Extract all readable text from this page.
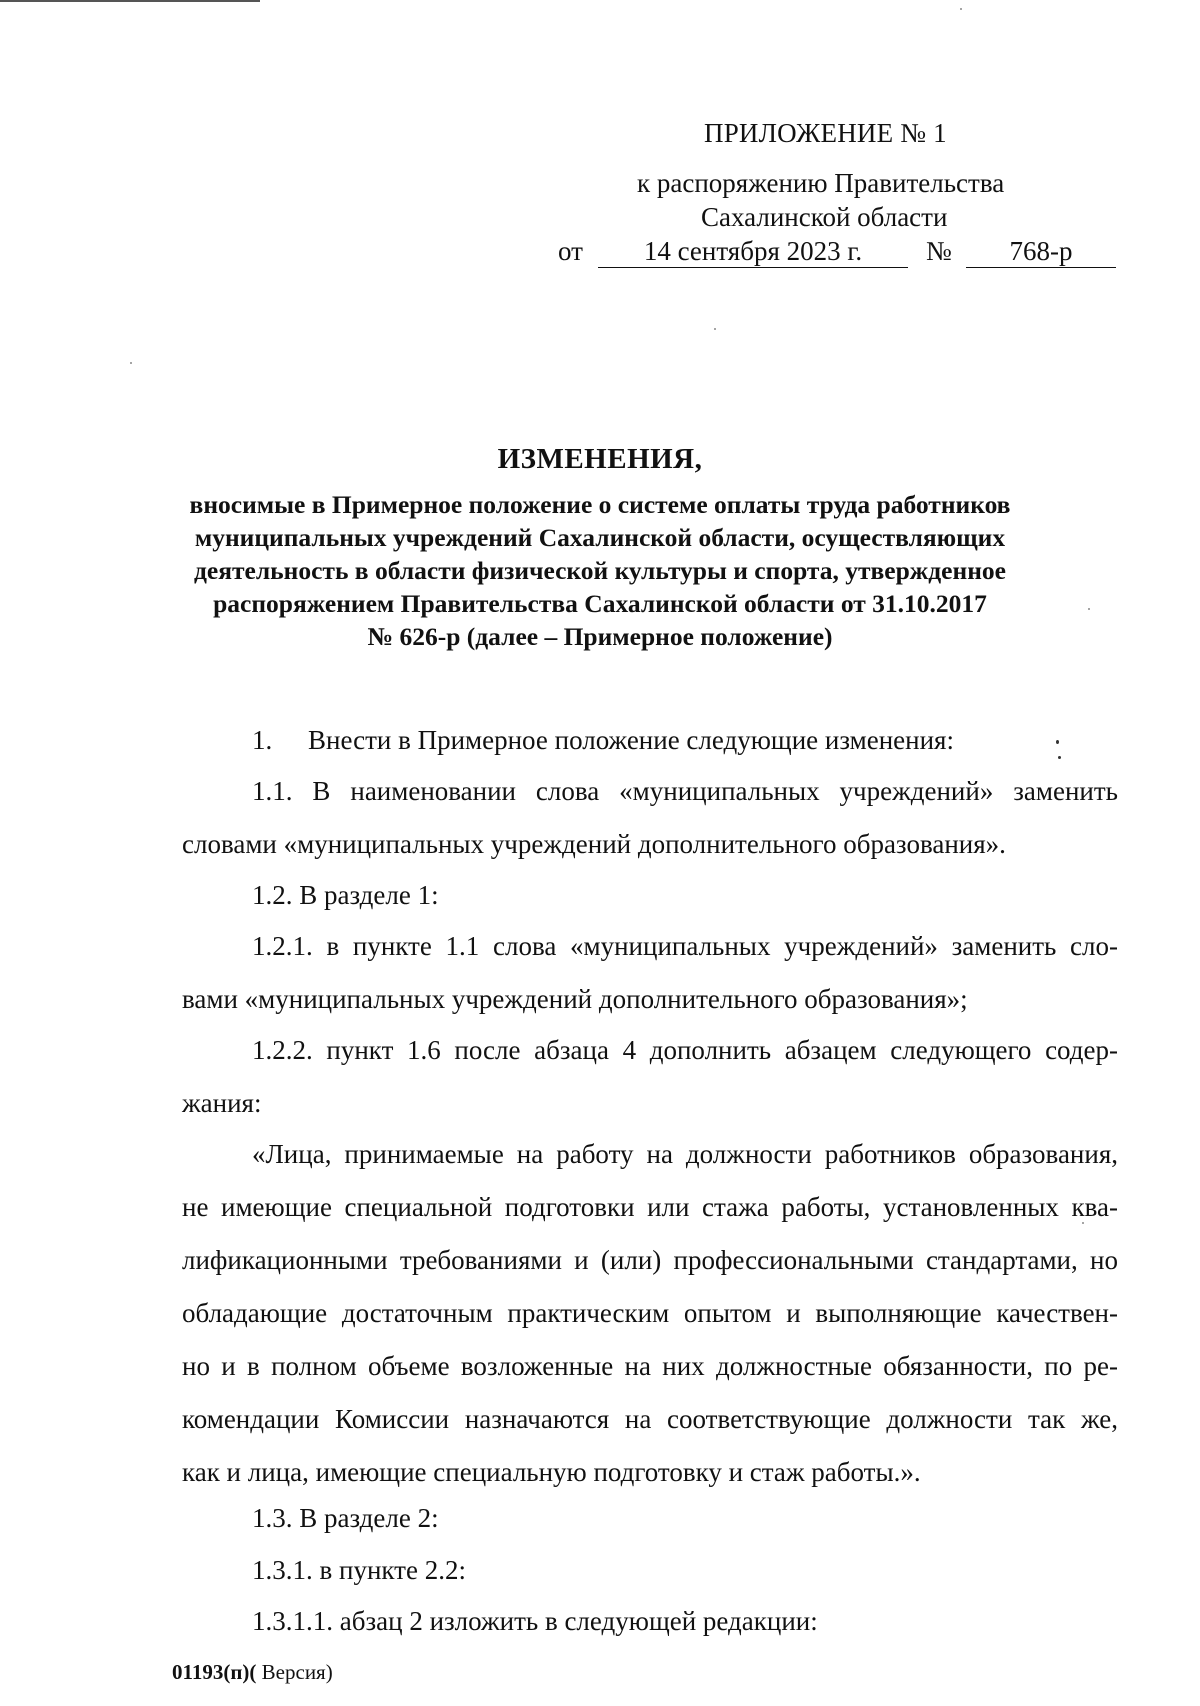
ПРИЛОЖЕНИЕ № 1
к распоряжению Правительства
Сахалинской области
от	14 сентября 2023 г.	№	768-р
ИЗМЕНЕНИЯ,
вносимые в Примерное положение о системе оплаты труда работников
муниципальных учреждений Сахалинской области, осуществляющих
деятельность в области физической культуры и спорта, утвержденное
распоряжением Правительства Сахалинской области от 31.10.2017
№ 626-р (далее – Примерное положение)
1. Внести в Примерное положение следующие изменения:
1.1. В наименовании слова «муниципальных учреждений» заменить
словами «муниципальных учреждений дополнительного образования».
1.2. В разделе 1:
1.2.1. в пункте 1.1 слова «муниципальных учреждений» заменить сло-
вами «муниципальных учреждений дополнительного образования»;
1.2.2. пункт 1.6 после абзаца 4 дополнить абзацем следующего содер-
жания:
«Лица, принимаемые на работу на должности работников образования,
не имеющие специальной подготовки или стажа работы, установленных ква-
лификационными требованиями и (или) профессиональными стандартами, но
обладающие достаточным практическим опытом и выполняющие качествен-
но и в полном объеме возложенные на них должностные обязанности, по ре-
комендации Комиссии назначаются на соответствующие должности так же,
как и лица, имеющие специальную подготовку и стаж работы.».
1.3. В разделе 2:
1.3.1. в пункте 2.2:
1.3.1.1. абзац 2 изложить в следующей редакции:
01193(п)( Версия)
